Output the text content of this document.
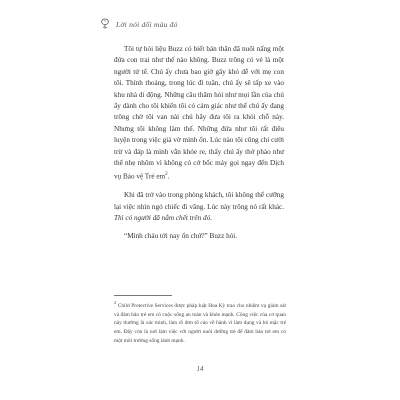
Lời nói dối màu đỏ

Tôi tự hỏi liệu Buzz có biết bản thân đã nuôi nấng một đứa con trai như thế nào không. Buzz trông có vẻ là một người tử tế. Chú ấy chưa bao giờ gây khó dễ với mẹ con tôi. Thỉnh thoảng, trong lúc đi tuần, chú ấy sẽ tấp xe vào khu nhà di động. Những câu thăm hỏi như mọi lần của chú ấy dành cho tôi khiến tôi có cảm giác như thể chú ấy đang trông chờ tôi van nài chú hãy đưa tôi ra khỏi chỗ này. Nhưng tôi không làm thế. Những đứa như tôi rất điêu luyện trong việc giả vờ mình ổn. Lúc nào tôi cũng chỉ cười trừ và đáp là mình vẫn khỏe re, thấy chú ấy thở phào như thể nhẹ nhõm vì không có cớ bốc máy gọi ngay đến Dịch vụ Bảo vệ Trẻ $em^2$.

Khi đã trở vào trong phòng khách, tôi không thể cưỡng lại việc nhìn ngó chiếc đi văng. Lúc này trông nó rất khác. Thì có người đã nằm chết trên đó.

“Mình cháu tới nay ổn chứ?” Buzz hỏi.

$^2$ Child Protective Services được pháp luật Hoa Kỳ trao cho nhiệm vụ giám sát và đảm bảo trẻ em có cuộc sống an toàn và khỏe mạnh. Công việc của cơ quan này thường là xác minh, làm rõ đơn tố cáo về hành vi làm dụng và bỏ mặc trẻ em. Đây còn là nơi làm việc với người nuôi dưỡng trẻ để đảm bảo trẻ em có một môi trường sống lành mạnh.
14
